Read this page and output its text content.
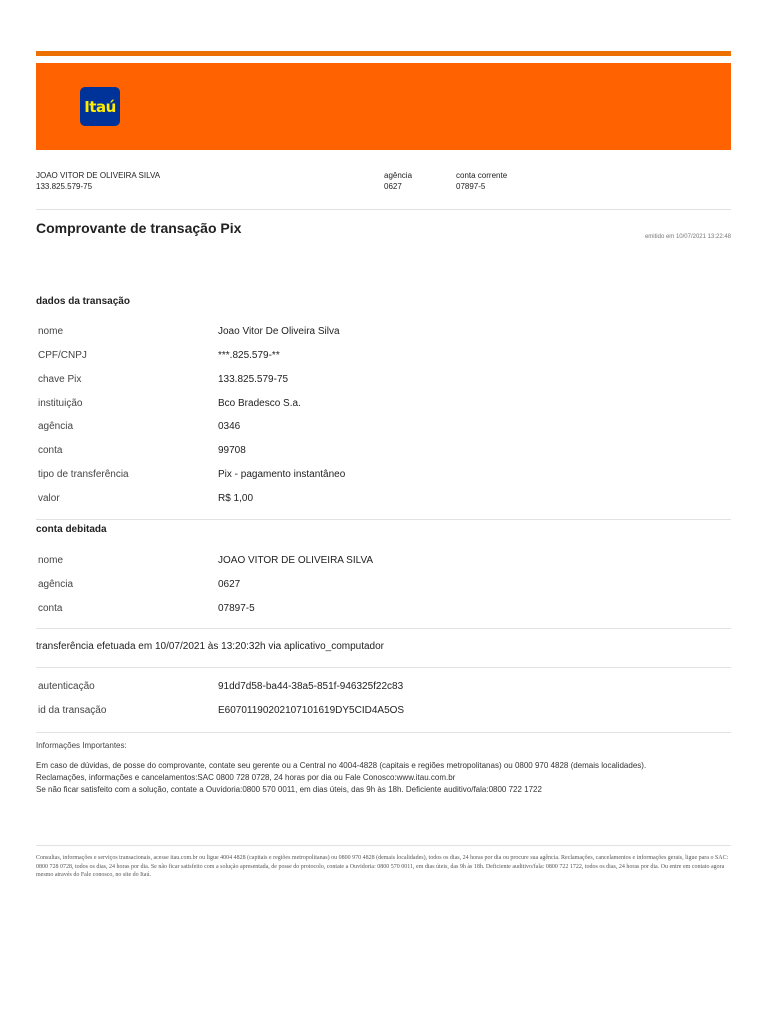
Itaú
JOAO VITOR DE OLIVEIRA SILVA
133.825.579-75
agência
0627
conta corrente
07897-5
Comprovante de transação Pix
emitido em 10/07/2021 13:22:48
dados da transação
nome	Joao Vitor De Oliveira Silva
CPF/CNPJ	***.825.579-**
chave Pix	133.825.579-75
instituição	Bco Bradesco S.a.
agência	0346
conta	99708
tipo de transferência	Pix - pagamento instantâneo
valor	R$ 1,00
conta debitada
nome	JOAO VITOR DE OLIVEIRA SILVA
agência	0627
conta	07897-5
transferência efetuada em 10/07/2021 às 13:20:32h via aplicativo_computador
autenticação	91dd7d58-ba44-38a5-851f-946325f22c83
id da transação	E60701190202107101619DY5CID4A5OS
Informações Importantes:
Em caso de dúvidas, de posse do comprovante, contate seu gerente ou a Central no 4004-4828 (capitais e regiões metropolitanas) ou 0800 970 4828 (demais localidades).
Reclamações, informações e cancelamentos:SAC 0800 728 0728, 24 horas por dia ou Fale Conosco:www.itau.com.br
Se não ficar satisfeito com a solução, contate a Ouvidoria:0800 570 0011, em dias úteis, das 9h às 18h. Deficiente auditivo/fala:0800 722 1722
Consultas, informações e serviços transacionais, acesse itau.com.br ou ligue 4004 4828 (capitais e regiões metropolitanas) ou 0800 970 4828 (demais localidades), todos os dias, 24 horas por dia ou procure sua agência. Reclamações, cancelamentos e informações gerais, ligue para o SAC: 0800 728 0728, todos os dias, 24 horas por dia. Se não ficar satisfeito com a solução apresentada, de posse do protocolo, contate a Ouvidoria: 0800 570 0011, em dias úteis, das 9h às 18h. Deficiente auditivo/fala: 0800 722 1722, todos os dias, 24 horas por dia. Ou entre em contato agora mesmo através do Fale conosco, no site do Itaú.
